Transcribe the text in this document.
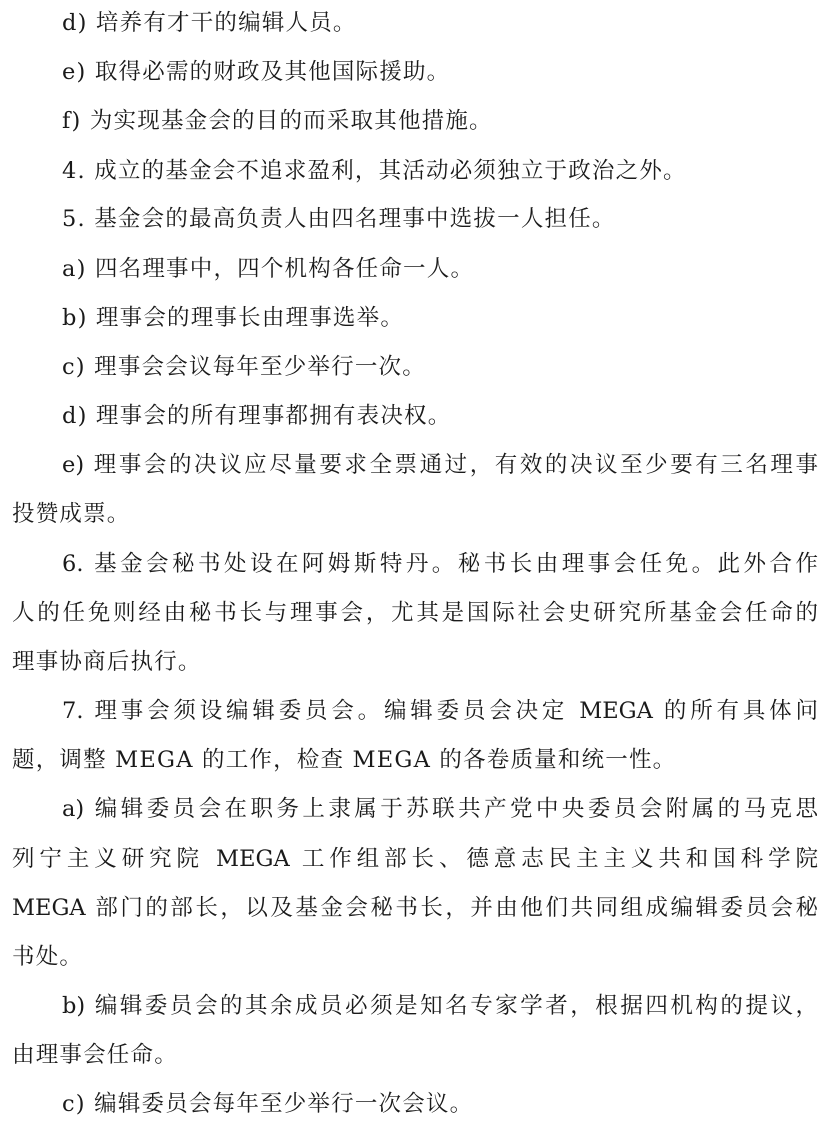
d) 培养有才干的编辑人员。
e) 取得必需的财政及其他国际援助。
f) 为实现基金会的目的而采取其他措施。
4. 成立的基金会不追求盈利，其活动必须独立于政治之外。
5. 基金会的最高负责人由四名理事中选拔一人担任。
a) 四名理事中，四个机构各任命一人。
b) 理事会的理事长由理事选举。
c) 理事会会议每年至少举行一次。
d) 理事会的所有理事都拥有表决权。
e) 理事会的决议应尽量要求全票通过，有效的决议至少要有三名理事
投赞成票。
6. 基金会秘书处设在阿姆斯特丹。秘书长由理事会任免。此外合作
人的任免则经由秘书长与理事会，尤其是国际社会史研究所基金会任命的
理事协商后执行。
7. 理事会须设编辑委员会。编辑委员会决定 MEGA 的所有具体问
题，调整 MEGA 的工作，检查 MEGA 的各卷质量和统一性。
a) 编辑委员会在职务上隶属于苏联共产党中央委员会附属的马克思
列宁主义研究院 MEGA 工作组部长、德意志民主主义共和国科学院
MEGA 部门的部长，以及基金会秘书长，并由他们共同组成编辑委员会秘
书处。
b) 编辑委员会的其余成员必须是知名专家学者，根据四机构的提议，
由理事会任命。
c) 编辑委员会每年至少举行一次会议。
